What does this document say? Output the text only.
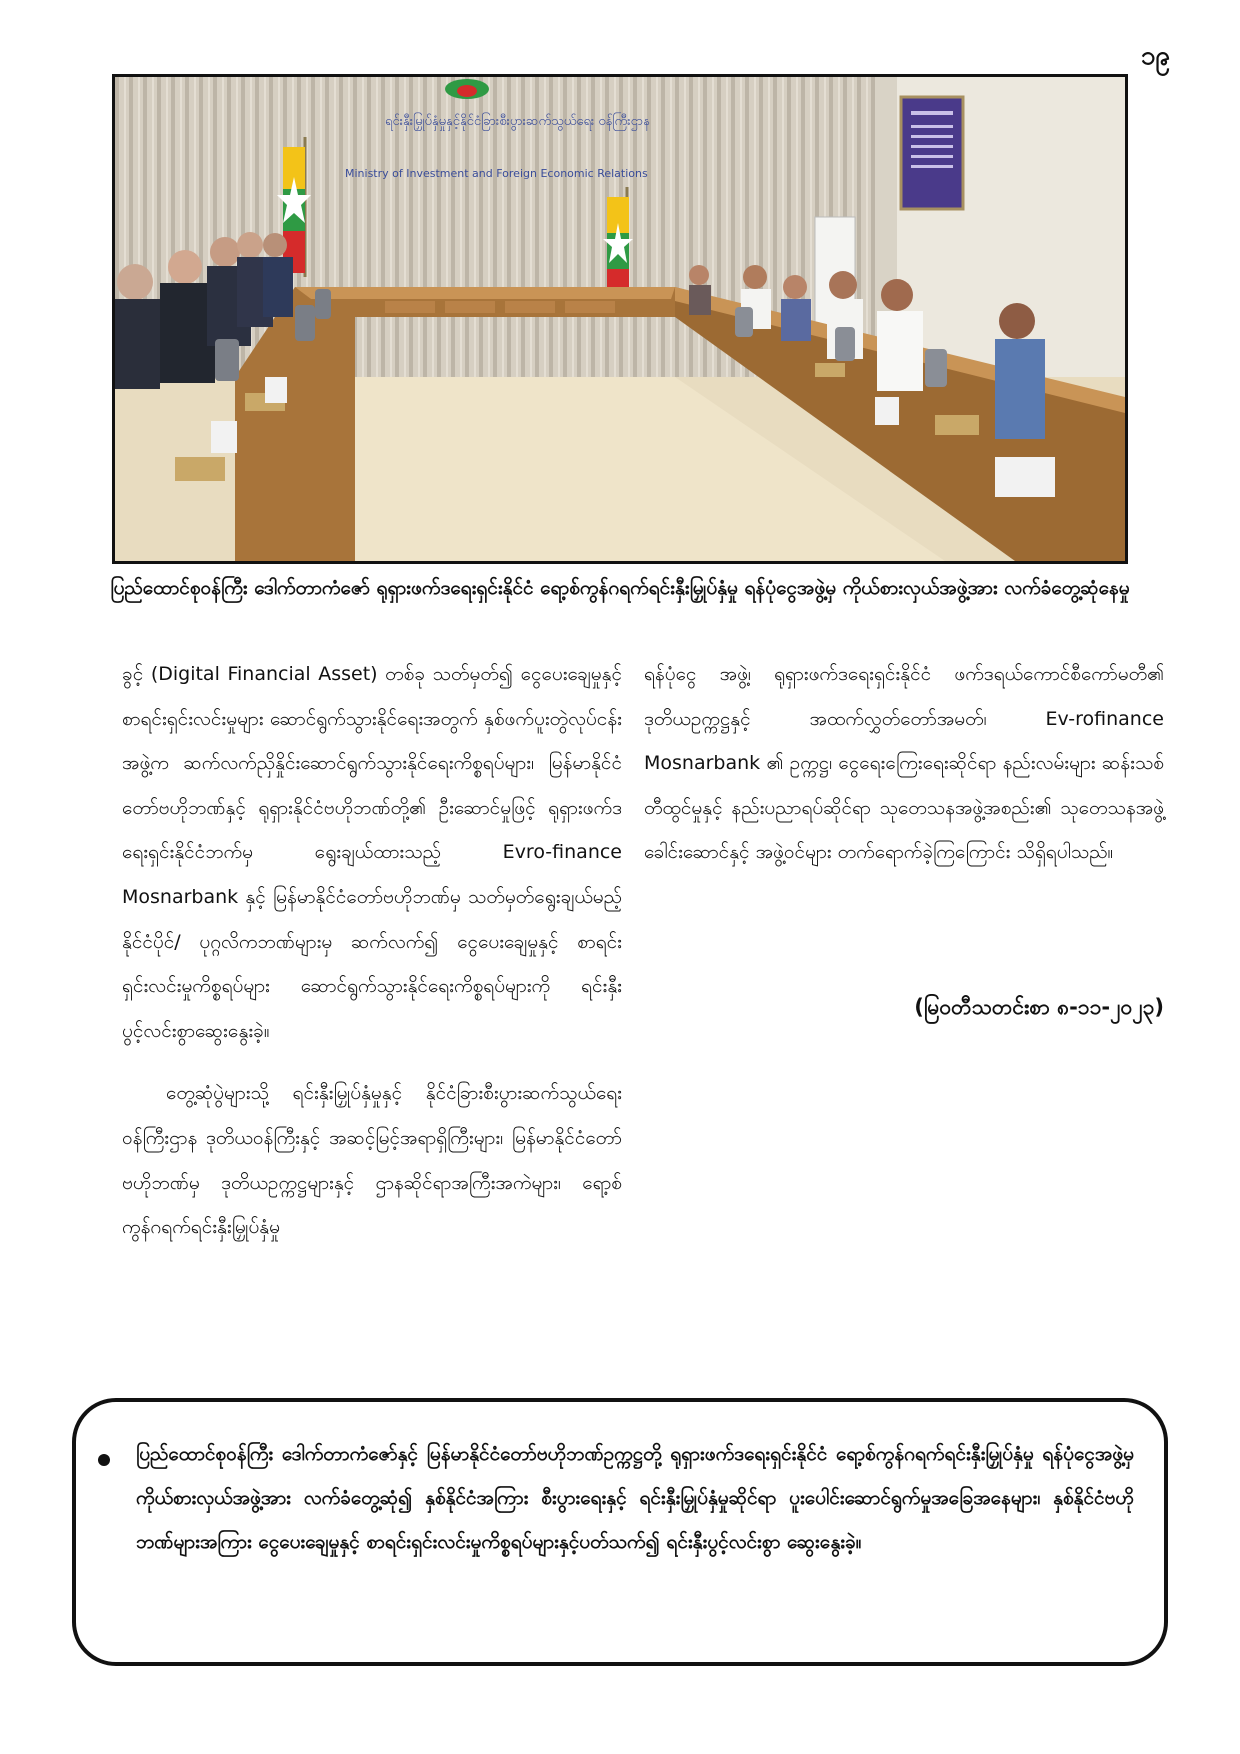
၁၉
ရင်းနှီးမြှုပ်နှံမှုနှင့်နိုင်ငံခြားစီးပွားဆက်သွယ်ရေး ဝန်ကြီးဌာန
Ministry of Investment and Foreign Economic Relations
ပြည်ထောင်စုဝန်ကြီး ဒေါက်တာကံဇော် ရုရှားဖက်ဒရေးရှင်းနိုင်ငံ ရော့စ်ကွန်ဂရက်ရင်းနှီးမြှုပ်နှံမှု ရန်ပုံငွေအဖွဲ့မှ ကိုယ်စားလှယ်အဖွဲ့အား လက်ခံတွေ့ဆုံနေမှု

ခွင့် (Digital Financial Asset) တစ်ခု သတ်မှတ်၍ ငွေပေးချေမှုနှင့် စာရင်းရှင်းလင်းမှုများ ဆောင်ရွက်သွားနိုင်ရေးအတွက် နှစ်ဖက်ပူးတွဲလုပ်ငန်းအဖွဲ့က ဆက်လက်ညှိနှိုင်းဆောင်ရွက်သွားနိုင်ရေးကိစ္စရပ်များ၊ မြန်မာနိုင်ငံတော်ဗဟိုဘဏ်နှင့် ရုရှားနိုင်ငံဗဟိုဘဏ်တို့၏ ဦးဆောင်မှုဖြင့် ရုရှားဖက်ဒရေးရှင်းနိုင်ငံဘက်မှ ရွေးချယ်ထားသည့် Evro-finance Mosnarbank နှင့် မြန်မာနိုင်ငံတော်ဗဟိုဘဏ်မှ သတ်မှတ်ရွေးချယ်မည့် နိုင်ငံပိုင်/ ပုဂ္ဂလိကဘဏ်များမှ ဆက်လက်၍ ငွေပေးချေမှုနှင့် စာရင်းရှင်းလင်းမှုကိစ္စရပ်များ ဆောင်ရွက်သွားနိုင်ရေးကိစ္စရပ်များကို ရင်းနှီးပွင့်လင်းစွာဆွေးနွေးခဲ့။

တွေ့ဆုံပွဲများသို့ ရင်းနှီးမြှုပ်နှံမှုနှင့် နိုင်ငံခြားစီးပွားဆက်သွယ်ရေးဝန်ကြီးဌာန ဒုတိယဝန်ကြီးနှင့် အဆင့်မြင့်အရာရှိကြီးများ၊ မြန်မာနိုင်ငံတော်ဗဟိုဘဏ်မှ ဒုတိယဥက္ကဋ္ဌများနှင့် ဌာနဆိုင်ရာအကြီးအကဲများ၊ ရော့စ်ကွန်ဂရက်ရင်းနှီးမြှုပ်နှံမှု

ရန်ပုံငွေ အဖွဲ့၊ ရုရှားဖက်ဒရေးရှင်းနိုင်ငံ ဖက်ဒရယ်ကောင်စီကော်မတီ၏ ဒုတိယဥက္ကဋ္ဌနှင့် အထက်လွှတ်တော်အမတ်၊ Ev-rofinance Mosnarbank ၏ ဥက္ကဋ္ဌ၊ ငွေရေးကြေးရေးဆိုင်ရာ နည်းလမ်းများ ဆန်းသစ်တီထွင်မှုနှင့် နည်းပညာရပ်ဆိုင်ရာ သုတေသနအဖွဲ့အစည်း၏ သုတေသနအဖွဲ့ခေါင်းဆောင်နှင့် အဖွဲ့ဝင်များ တက်ရောက်ခဲ့ကြကြောင်း သိရှိရပါသည်။

(မြဝတီသတင်းစာ ၈-၁၁-၂၀၂၃)
ပြည်ထောင်စုဝန်ကြီး ဒေါက်တာကံဇော်နှင့် မြန်မာနိုင်ငံတော်ဗဟိုဘဏ်ဥက္ကဋ္ဌတို့ ရုရှားဖက်ဒရေးရှင်းနိုင်ငံ ရော့စ်ကွန်ဂရက်ရင်းနှီးမြှုပ်နှံမှု ရန်ပုံငွေအဖွဲ့မှ ကိုယ်စားလှယ်အဖွဲ့အား လက်ခံတွေ့ဆုံ၍ နှစ်နိုင်ငံအကြား စီးပွားရေးနှင့် ရင်းနှီးမြှုပ်နှံမှုဆိုင်ရာ ပူးပေါင်းဆောင်ရွက်မှုအခြေအနေများ၊ နှစ်နိုင်ငံဗဟိုဘဏ်များအကြား ငွေပေးချေမှုနှင့် စာရင်းရှင်းလင်းမှုကိစ္စရပ်များနှင့်ပတ်သက်၍ ရင်းနှီးပွင့်လင်းစွာ ဆွေးနွေးခဲ့။
